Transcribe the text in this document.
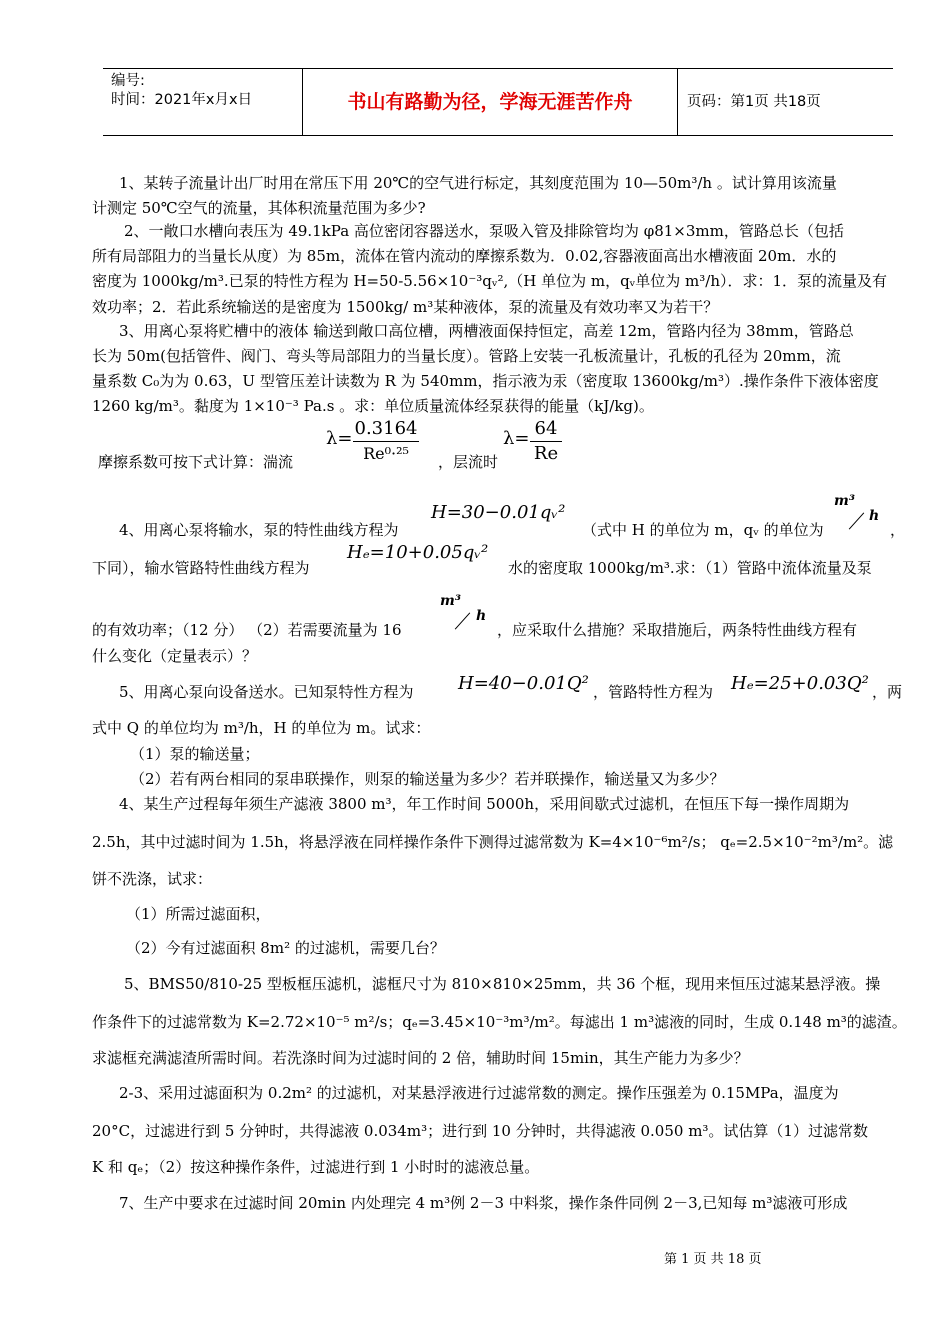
编号:
时间：2021年x月x日	书山有路勤为径，学海无涯苦作舟	页码：第1页 共18页
1、某转子流量计出厂时用在常压下用 20℃的空气进行标定，其刻度范围为 10—50m³/h 。试计算用该流量
计测定 50℃空气的流量，其体积流量范围为多少?
2、一敞口水槽向表压为 49.1kPa 高位密闭容器送水，泵吸入管及排除管均为 φ81×3mm，管路总长（包括
所有局部阻力的当量长从度）为 85m，流体在管内流动的摩擦系数为．0.02,容器液面高出水槽液面 20m．水的
密度为 1000kg/m³.已泵的特性方程为 H=50-5.56×10⁻³qᵥ²,（H 单位为 m，qᵥ单位为 m³/h）．求：1．泵的流量及有
效功率；2．若此系统输送的是密度为 1500kg/ m³某种液体，泵的流量及有效功率又为若干？
3、用离心泵将贮槽中的液体 输送到敞口高位槽，两槽液面保持恒定，高差 12m，管路内径为 38mm，管路总
长为 50m(包括管件、阀门、弯头等局部阻力的当量长度）。管路上安装一孔板流量计，孔板的孔径为 20mm，流
量系数 C₀为为 0.63，U 型管压差计读数为 R 为 540mm，指示液为汞（密度取 13600kg/m³）.操作条件下液体密度
1260 kg/m³。黏度为 1×10⁻³ Pa.s 。求：单位质量流体经泵获得的能量（kJ/kg)。
摩擦系数可按下式计算：湍流
λ= 0.3164
Re⁰·²⁵	，层流时
λ= 64
Re
4、用离心泵将输水，泵的特性曲线方程为
H=30−0.01qᵥ²
（式中 H 的单位为 m，qᵥ 的单位为
m³
h
，
下同），输水管路特性曲线方程为
Hₑ=10+0.05qᵥ²
水的密度取 1000kg/m³.求：（1）管路中流体流量及泵
的有效功率；（12 分） （2）若需要流量为 16
m³
h
，应采取什么措施？采取措施后，两条特性曲线方程有
什么变化（定量表示）？
5、用离心泵向设备送水。已知泵特性方程为 H=40−0.01Q² ，管路特性方程为 Hₑ=25+0.03Q² ，两
式中 Q 的单位均为 m³/h，H 的单位为 m。试求：
（1）泵的输送量；
（2）若有两台相同的泵串联操作，则泵的输送量为多少？若并联操作，输送量又为多少？
4、某生产过程每年须生产滤液 3800 m³，年工作时间 5000h，采用间歇式过滤机，在恒压下每一操作周期为
2.5h，其中过滤时间为 1.5h，将悬浮液在同样操作条件下测得过滤常数为 K=4×10⁻⁶m²/s； qₑ=2.5×10⁻²m³/m²。滤
饼不洗涤，试求：
（1）所需过滤面积，
（2）今有过滤面积 8m² 的过滤机，需要几台？
5、BMS50/810-25 型板框压滤机，滤框尺寸为 810×810×25mm，共 36 个框，现用来恒压过滤某悬浮液。操
作条件下的过滤常数为 K=2.72×10⁻⁵ m²/s；qₑ=3.45×10⁻³m³/m²。每滤出 1 m³滤液的同时，生成 0.148 m³的滤渣。
求滤框充满滤渣所需时间。若洗涤时间为过滤时间的 2 倍，辅助时间 15min，其生产能力为多少？
2-3、采用过滤面积为 0.2m² 的过滤机，对某悬浮液进行过滤常数的测定。操作压强差为 0.15MPa，温度为
20°C，过滤进行到 5 分钟时，共得滤液 0.034m³；进行到 10 分钟时，共得滤液 0.050 m³。试估算（1）过滤常数
K 和 qₑ；（2）按这种操作条件，过滤进行到 1 小时时的滤液总量。
7、生产中要求在过滤时间 20min 内处理完 4 m³例 2－3 中料浆，操作条件同例 2－3,已知每 m³滤液可形成
第 1 页 共 18 页
